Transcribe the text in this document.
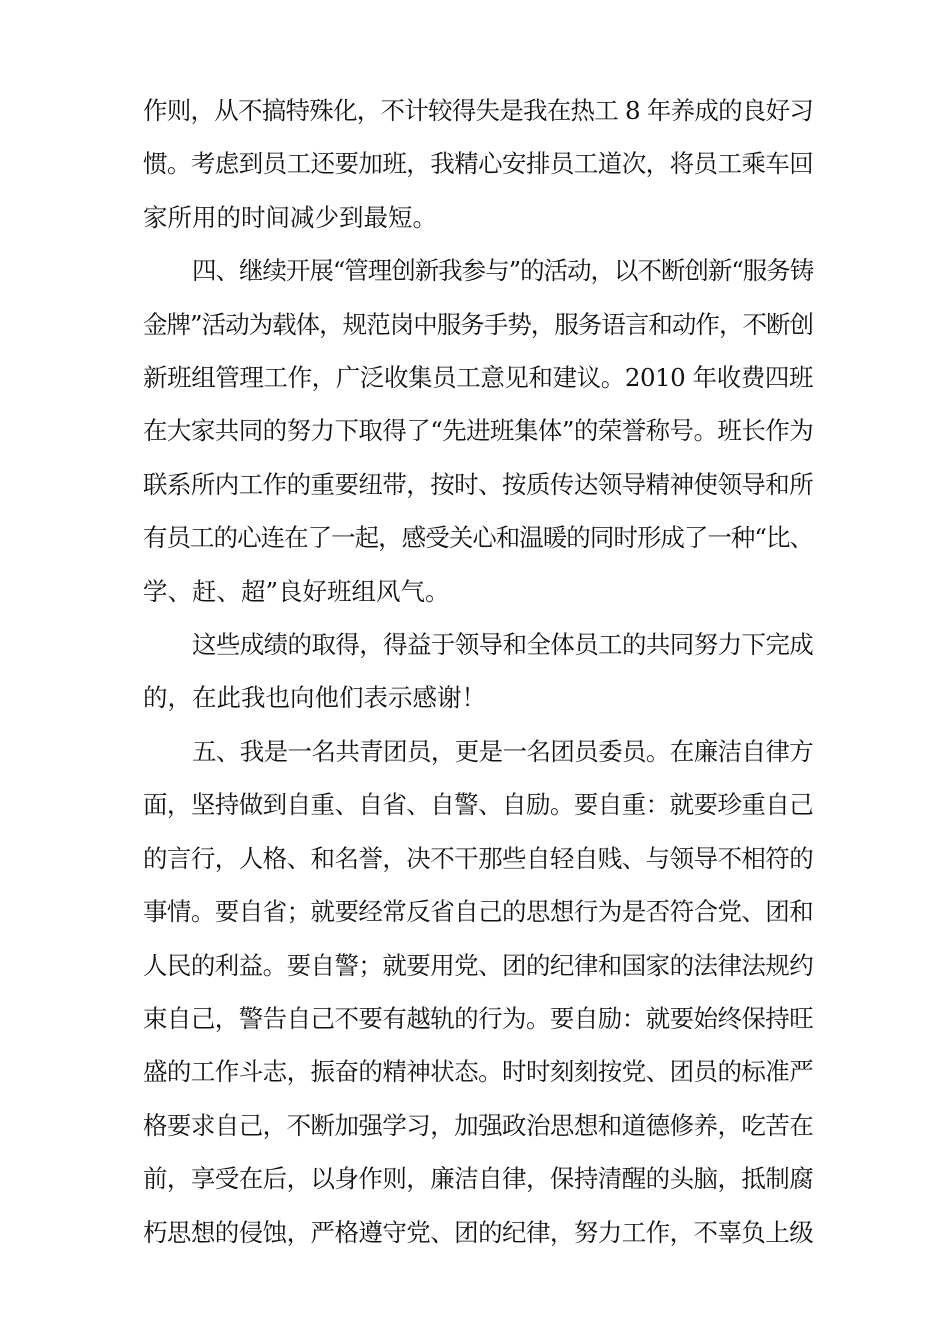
作则，从不搞特殊化，不计较得失是我在热工 8 年养成的良好习
惯。考虑到员工还要加班，我精心安排员工道次，将员工乘车回
家所用的时间减少到最短。
四、继续开展“管理创新我参与”的活动，以不断创新“服务铸
金牌”活动为载体，规范岗中服务手势，服务语言和动作，不断创
新班组管理工作，广泛收集员工意见和建议。2010 年收费四班
在大家共同的努力下取得了“先进班集体”的荣誉称号。班长作为
联系所内工作的重要纽带，按时、按质传达领导精神使领导和所
有员工的心连在了一起，感受关心和温暖的同时形成了一种“比、
学、赶、超”良好班组风气。
这些成绩的取得，得益于领导和全体员工的共同努力下完成
的，在此我也向他们表示感谢！
五、我是一名共青团员，更是一名团员委员。在廉洁自律方
面，坚持做到自重、自省、自警、自励。要自重：就要珍重自己
的言行，人格、和名誉，决不干那些自轻自贱、与领导不相符的
事情。要自省；就要经常反省自己的思想行为是否符合党、团和
人民的利益。要自警；就要用党、团的纪律和国家的法律法规约
束自己，警告自己不要有越轨的行为。要自励：就要始终保持旺
盛的工作斗志，振奋的精神状态。时时刻刻按党、团员的标准严
格要求自己，不断加强学习，加强政治思想和道德修养，吃苦在
前，享受在后，以身作则，廉洁自律，保持清醒的头脑，抵制腐
朽思想的侵蚀，严格遵守党、团的纪律，努力工作，不辜负上级
